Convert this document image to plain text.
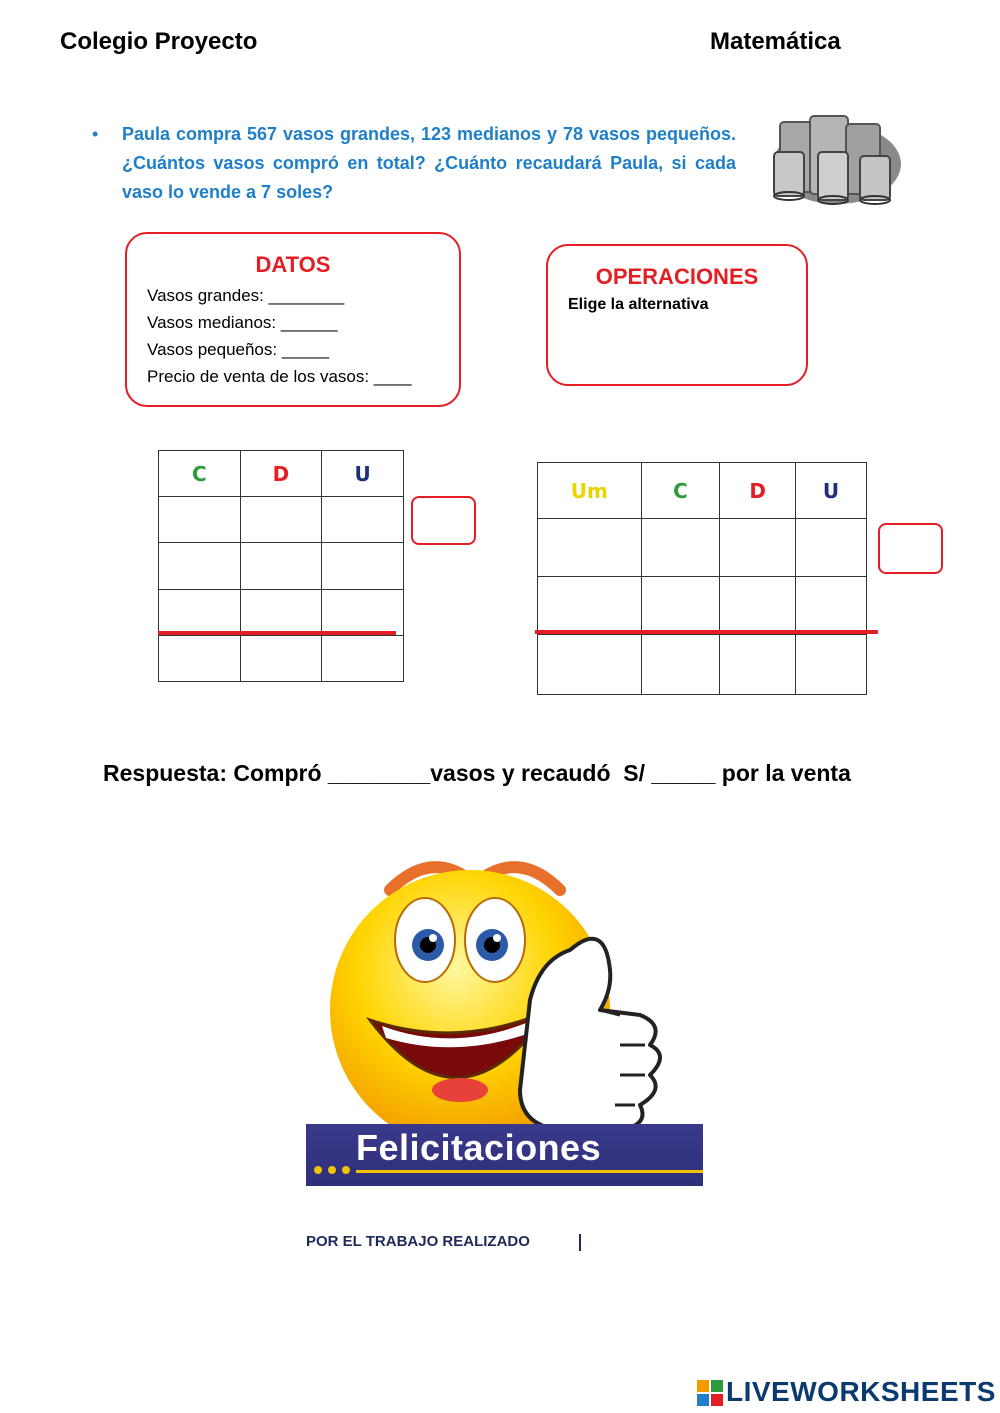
Colegio Proyecto	Matemática
• Paula compra 567 vasos grandes, 123 medianos y 78 vasos pequeños. ¿Cuántos vasos compró en total? ¿Cuánto recaudará Paula, si cada vaso lo vende a 7 soles?
DATOS
Vasos grandes: ________
Vasos medianos: ______
Vasos pequeños: _____
Precio de venta de los vasos: ____
OPERACIONES
Elige la alternativa
C	D	U

Um	C	D	U

Respuesta: Compró ________vasos y recaudó  S/ _____ por la venta
Felicitaciones
POR EL TRABAJO REALIZADO
LIVEWORKSHEETS
